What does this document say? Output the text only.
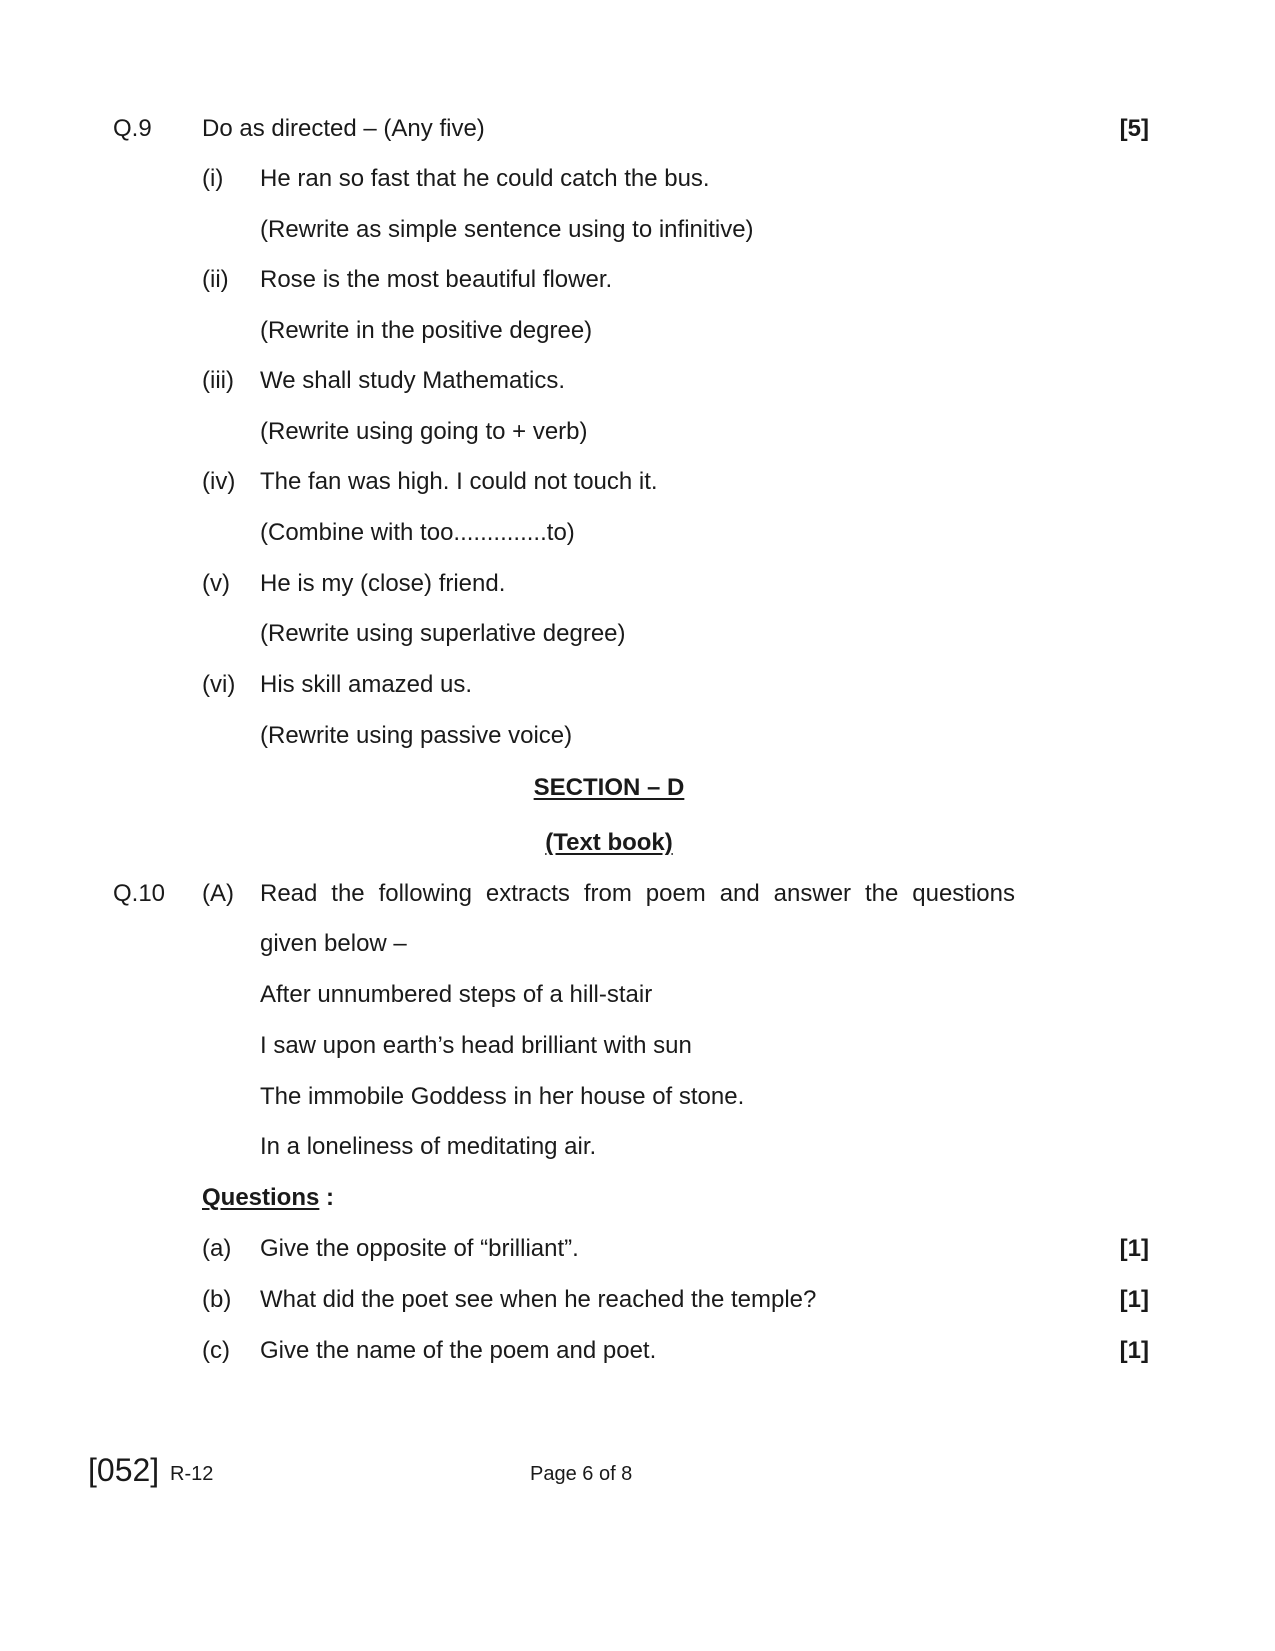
Q.9 Do as directed – (Any five)	[5]
(i) He ran so fast that he could catch the bus.
(Rewrite as simple sentence using to infinitive)
(ii) Rose is the most beautiful flower.
(Rewrite in the positive degree)
(iii) We shall study Mathematics.
(Rewrite using going to + verb)
(iv) The fan was high. I could not touch it.
(Combine with too..............to)
(v) He is my (close) friend.
(Rewrite using superlative degree)
(vi) His skill amazed us.
(Rewrite using passive voice)
SECTION – D
(Text book)
Q.10 (A) Read the following extracts from poem and answer the questions
given below –
After unnumbered steps of a hill-stair
I saw upon earth’s head brilliant with sun
The immobile Goddess in her house of stone.
In a loneliness of meditating air.
Questions :
(a) Give the opposite of “brilliant”.	[1]
(b) What did the poet see when he reached the temple?	[1]
(c) Give the name of the poem and poet.	[1]
[052] R-12	Page 6 of 8
